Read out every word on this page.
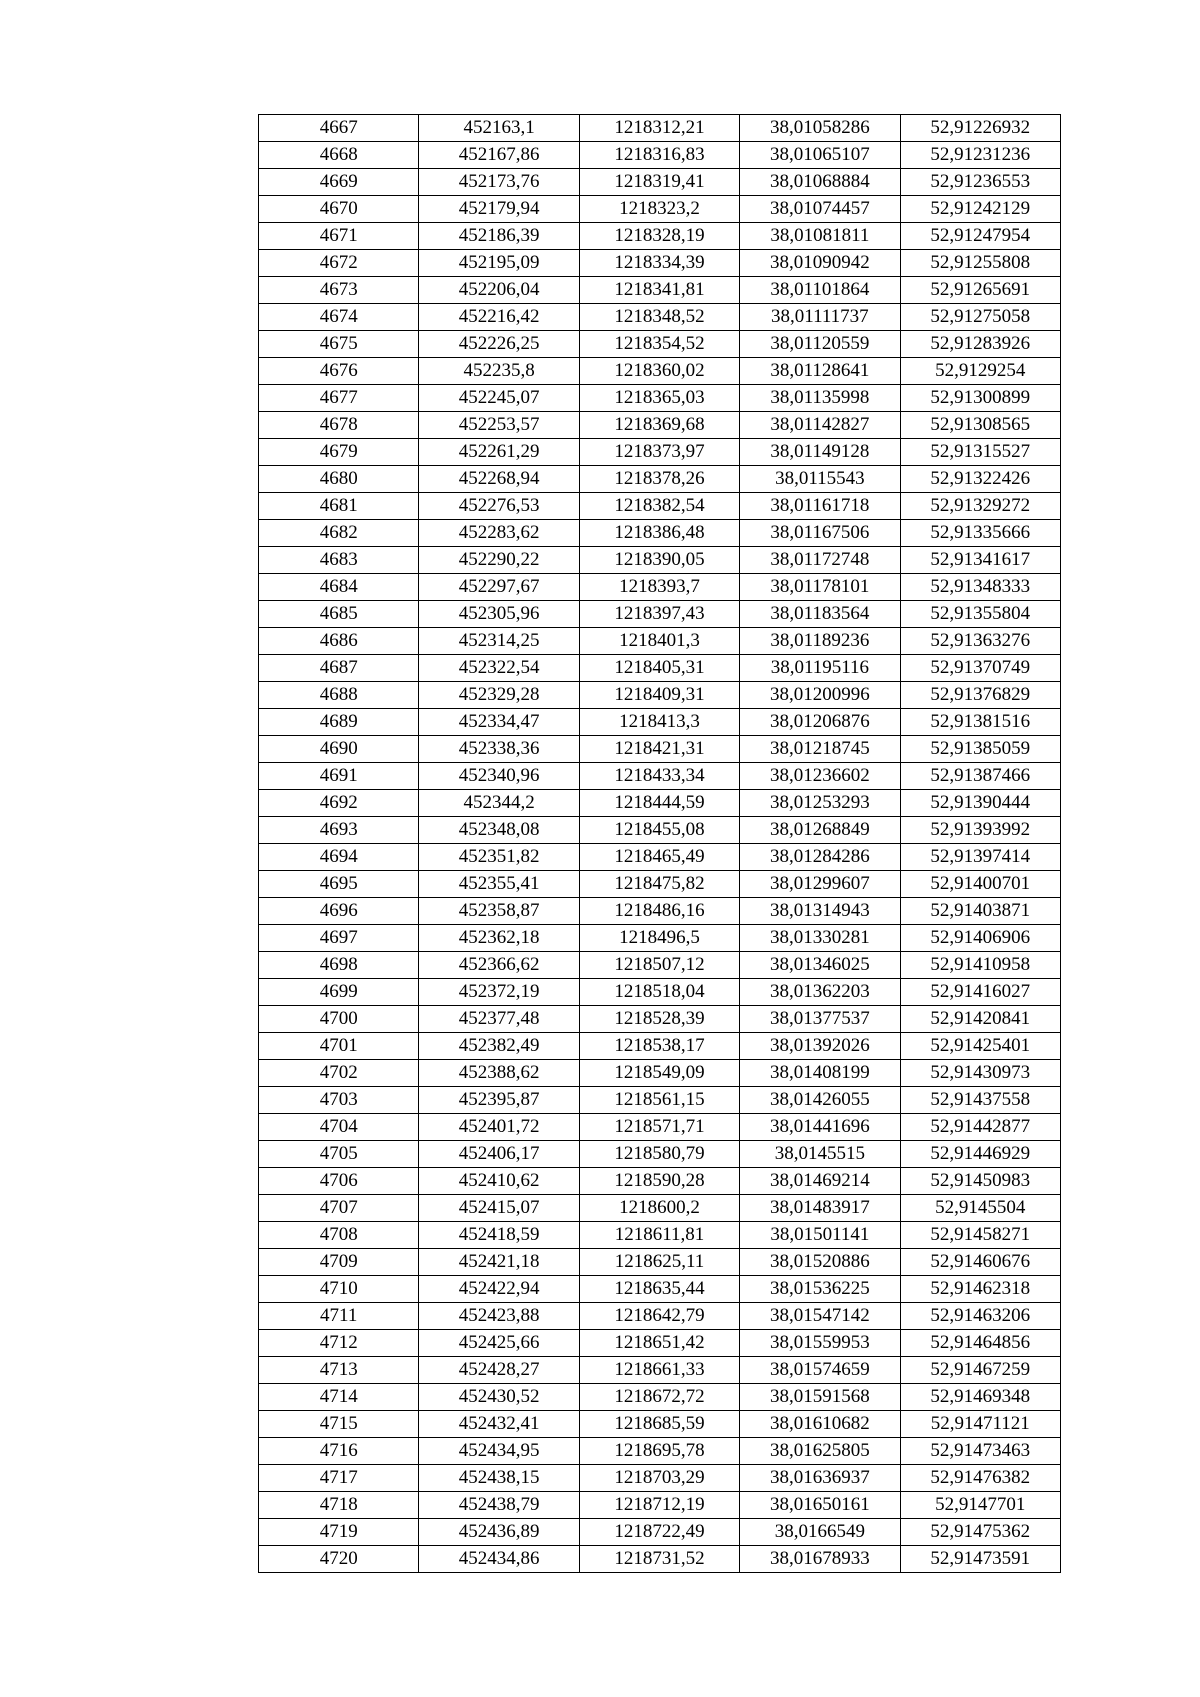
4667	452163,1	1218312,21	38,01058286	52,91226932
4668	452167,86	1218316,83	38,01065107	52,91231236
4669	452173,76	1218319,41	38,01068884	52,91236553
4670	452179,94	1218323,2	38,01074457	52,91242129
4671	452186,39	1218328,19	38,01081811	52,91247954
4672	452195,09	1218334,39	38,01090942	52,91255808
4673	452206,04	1218341,81	38,01101864	52,91265691
4674	452216,42	1218348,52	38,01111737	52,91275058
4675	452226,25	1218354,52	38,01120559	52,91283926
4676	452235,8	1218360,02	38,01128641	52,9129254
4677	452245,07	1218365,03	38,01135998	52,91300899
4678	452253,57	1218369,68	38,01142827	52,91308565
4679	452261,29	1218373,97	38,01149128	52,91315527
4680	452268,94	1218378,26	38,0115543	52,91322426
4681	452276,53	1218382,54	38,01161718	52,91329272
4682	452283,62	1218386,48	38,01167506	52,91335666
4683	452290,22	1218390,05	38,01172748	52,91341617
4684	452297,67	1218393,7	38,01178101	52,91348333
4685	452305,96	1218397,43	38,01183564	52,91355804
4686	452314,25	1218401,3	38,01189236	52,91363276
4687	452322,54	1218405,31	38,01195116	52,91370749
4688	452329,28	1218409,31	38,01200996	52,91376829
4689	452334,47	1218413,3	38,01206876	52,91381516
4690	452338,36	1218421,31	38,01218745	52,91385059
4691	452340,96	1218433,34	38,01236602	52,91387466
4692	452344,2	1218444,59	38,01253293	52,91390444
4693	452348,08	1218455,08	38,01268849	52,91393992
4694	452351,82	1218465,49	38,01284286	52,91397414
4695	452355,41	1218475,82	38,01299607	52,91400701
4696	452358,87	1218486,16	38,01314943	52,91403871
4697	452362,18	1218496,5	38,01330281	52,91406906
4698	452366,62	1218507,12	38,01346025	52,91410958
4699	452372,19	1218518,04	38,01362203	52,91416027
4700	452377,48	1218528,39	38,01377537	52,91420841
4701	452382,49	1218538,17	38,01392026	52,91425401
4702	452388,62	1218549,09	38,01408199	52,91430973
4703	452395,87	1218561,15	38,01426055	52,91437558
4704	452401,72	1218571,71	38,01441696	52,91442877
4705	452406,17	1218580,79	38,0145515	52,91446929
4706	452410,62	1218590,28	38,01469214	52,91450983
4707	452415,07	1218600,2	38,01483917	52,9145504
4708	452418,59	1218611,81	38,01501141	52,91458271
4709	452421,18	1218625,11	38,01520886	52,91460676
4710	452422,94	1218635,44	38,01536225	52,91462318
4711	452423,88	1218642,79	38,01547142	52,91463206
4712	452425,66	1218651,42	38,01559953	52,91464856
4713	452428,27	1218661,33	38,01574659	52,91467259
4714	452430,52	1218672,72	38,01591568	52,91469348
4715	452432,41	1218685,59	38,01610682	52,91471121
4716	452434,95	1218695,78	38,01625805	52,91473463
4717	452438,15	1218703,29	38,01636937	52,91476382
4718	452438,79	1218712,19	38,01650161	52,9147701
4719	452436,89	1218722,49	38,0166549	52,91475362
4720	452434,86	1218731,52	38,01678933	52,91473591
